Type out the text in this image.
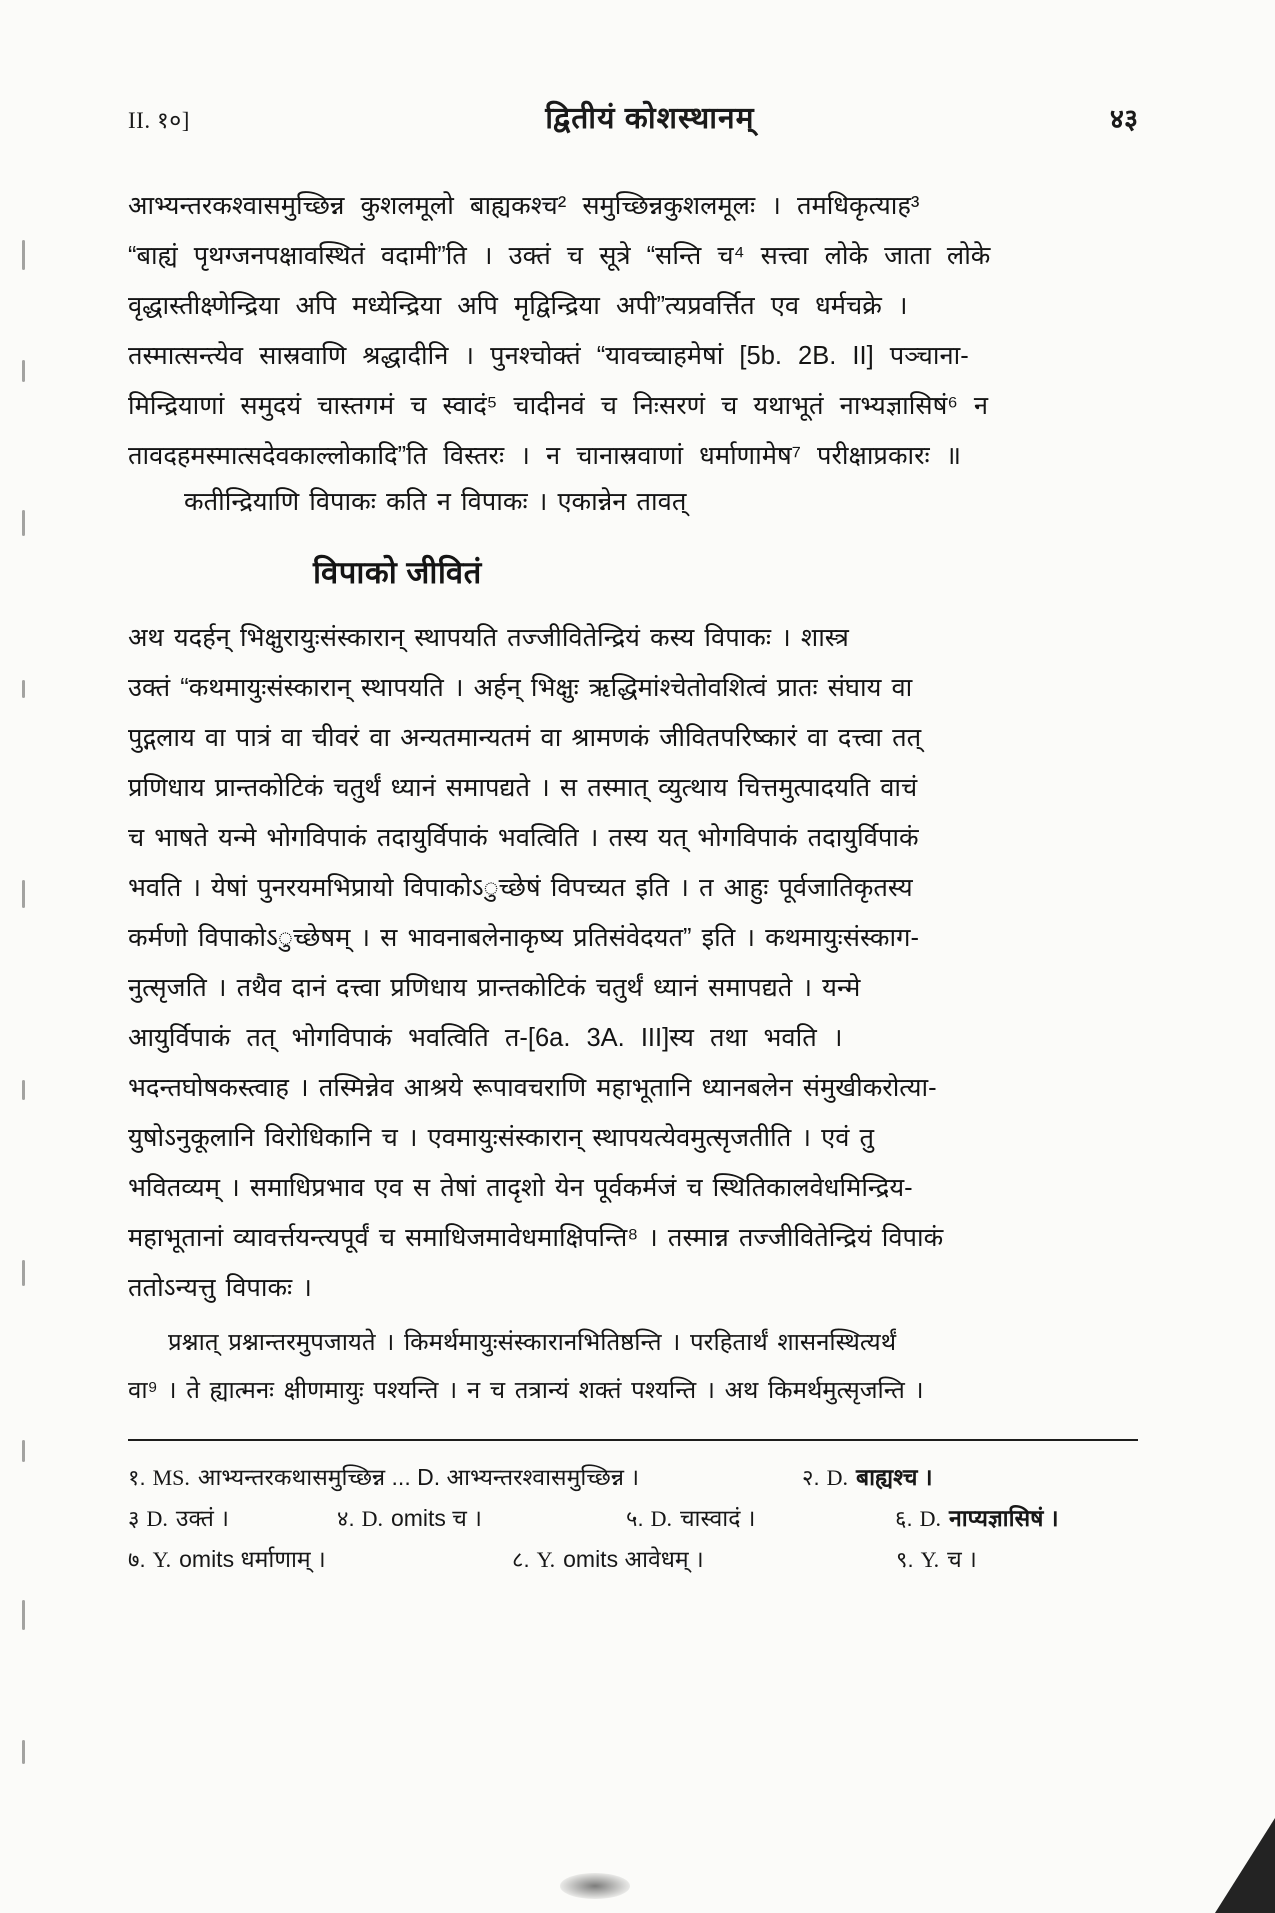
II. १०]	द्वितीयं कोशस्थानम्	४३
आभ्यन्तरकश्वासमुच्छिन्न‌ कुशलमूलो बाह्यकश्च² समुच्छिन्नकुशलमूलः । तमधिकृत्याह³
“बाह्यं पृथग्जनपक्षावस्थितं वदामी”ति । उक्तं च सूत्रे “सन्ति च⁴ सत्त्वा लोके जाता लोके
वृद्धास्तीक्ष्णेन्द्रिया अपि मध्येन्द्रिया अपि मृद्विन्द्रिया अपी”त्यप्रवर्त्तित एव धर्मचक्रे ।
तस्मात्सन्त्येव सास्रवाणि श्रद्धादीनि । पुनश्चोक्तं “यावच्चाहमेषां [5b. 2B. II] पञ्चाना-
मिन्द्रियाणां समुदयं चास्तगमं च स्वादं⁵ चादीनवं च निःसरणं च यथाभूतं नाभ्यज्ञासिषं⁶ न
तावदहमस्मात्सदेवकाल्लोकादि”ति विस्तरः । न चानास्रवाणां धर्माणामेष⁷ परीक्षाप्रकारः ॥
कतीन्द्रियाणि विपाकः कति न विपाकः । एकान्नेन तावत्
विपाको जीवितं
अथ यदर्हन् भिक्षुरायुःसंस्कारान् स्थापयति तज्जीवितेन्द्रियं कस्य विपाकः । शास्त्र
उक्तं “कथमायुःसंस्कारान् स्थापयति । अर्हन् भिक्षु‌ः ऋद्धिमांश्चेतोवशित्वं प्रातः संघाय वा
पुद्गलाय वा पात्रं वा चीवरं वा अन्यतमान्यतमं वा श्रामणकं जीवितपरिष्कारं वा दत्त्वा तत्
प्रणिधाय प्रान्तकोटिकं चतुर्थं ध्यानं समापद्यते । स तस्मात् व्युत्थाय चित्तमुत्पादयति वाचं
च भाषते यन्मे भोगविपाकं तदायुर्विपाकं भवत्विति । तस्य यत् भोगविपाकं तदायुर्विपाकं
भवति । येषां पुनरयमभिप्रायो विपाकोऽुच्छेषं विपच्यत इति । त आहुः पूर्वजातिकृतस्य
कर्मणो विपाकोऽुच्छेषम् । स भावनाबलेनाकृष्य प्रतिसंवेदयत” इति । कथमायुःसंस्काग-
नुत्सृजति । तथैव दानं दत्त्वा प्रणिधाय प्रान्तकोटिकं चतुर्थं ध्यानं समापद्यते । यन्मे
आयुर्विपाकं तत् भोगविपाकं भवत्विति त-[6a. 3A. III]स्य तथा भवति ।
भदन्तघोषकस्त्वाह । तस्मिन्नेव आश्रये रूपावचराणि महाभूतानि ध्यानबलेन संमुखीकरोत्या-
युषोऽनुकूलानि विरोधिकानि च । एवमायुःसंस्कारान् स्थापयत्येवमुत्सृजतीति । एवं तु
भवितव्यम् । समाधिप्रभाव एव स तेषां तादृशो येन पूर्वकर्मजं च स्थितिकालवेधमिन्द्रिय-
महाभूतानां व्यावर्त्तयन्त्यपूर्वं च समाधिजमावेधमाक्षिपन्ति⁸ । तस्मान्न तज्जीवितेन्द्रियं विपाकं
ततोऽन्यत्तु विपाकः ।
प्रश्नात् प्रश्नान्तरमुपजायते । किमर्थमायुःसंस्कारानभितिष्ठन्ति । परहितार्थं शासनस्थित्यर्थं
वा⁹ । ते ह्यात्मनः क्षीणमायुः पश्यन्ति । न च तत्रान्यं शक्तं पश्यन्ति । अथ किमर्थमुत्सृजन्ति ।
१. MS. आभ्यन्तरकथासमुच्छिन्न ... D. आभ्यन्तरश्वासमुच्छिन्न ।	२. D. बाह्यश्च ।
३ D. उक्तं ।	४. D. omits च ।	५. D. चास्वादं ।	६. D. नाप्यज्ञासिषं ।
७. Y. omits धर्माणाम् ।	८. Y. omits आवेधम् ।	९. Y. च ।
